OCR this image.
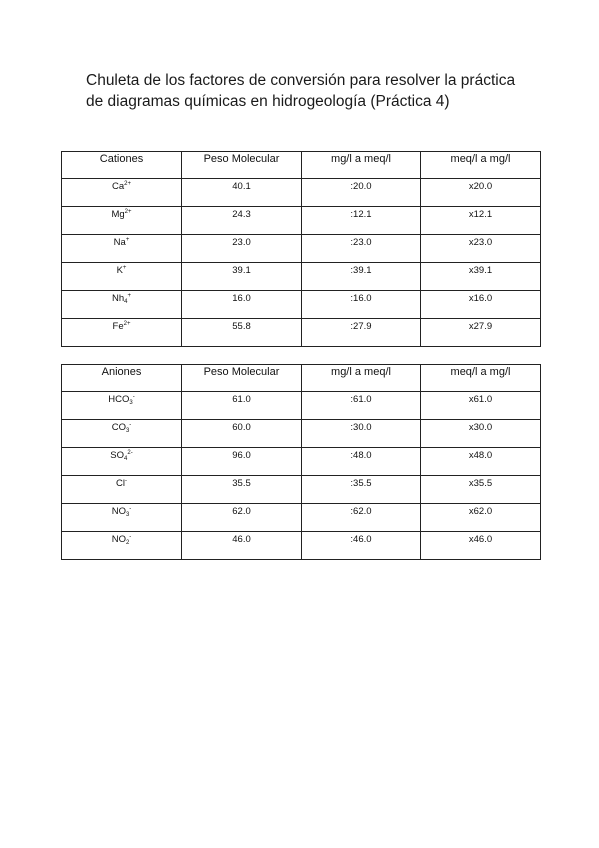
Chuleta de los factores de conversión para resolver la práctica
de diagramas químicas en hidrogeología (Práctica 4)
Cationes	Peso Molecular	mg/l a meq/l	meq/l a mg/l
$Ca^{2+}$	40.1	:20.0	x20.0
$Mg^{2+}$	24.3	:12.1	x12.1
Na+	23.0	:23.0	x23.0
K+	39.1	:39.1	x39.1
$Nh_4^+$	16.0	:16.0	x16.0
$Fe^{2+}$	55.8	:27.9	x27.9
Aniones	Peso Molecular	mg/l a meq/l	meq/l a mg/l
$HCO_3^-$	61.0	:61.0	x61.0
$CO_3^-$	60.0	:30.0	x30.0
$SO_4^{2-}$	96.0	:48.0	x48.0
Cl-	35.5	:35.5	x35.5
$NO_3^-$	62.0	:62.0	x62.0
$NO_2^-$	46.0	:46.0	x46.0
